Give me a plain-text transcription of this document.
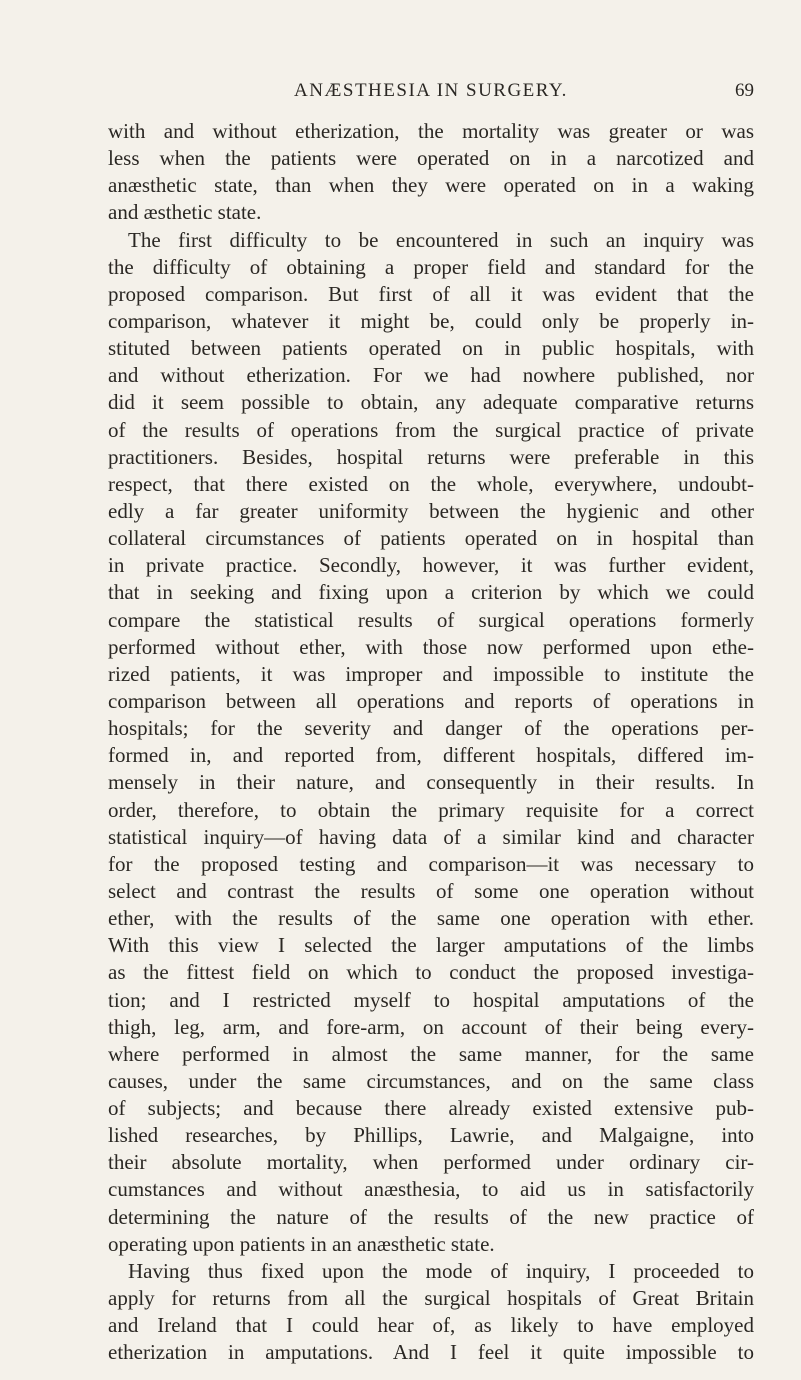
ANÆSTHESIA IN SURGERY.	69
with and without etherization, the mortality was greater or was
less when the patients were operated on in a narcotized and
anæsthetic state, than when they were operated on in a waking
and æsthetic state.
The first difficulty to be encountered in such an inquiry was
the difficulty of obtaining a proper field and standard for the
proposed comparison. But first of all it was evident that the
comparison, whatever it might be, could only be properly in-
stituted between patients operated on in public hospitals, with
and without etherization. For we had nowhere published, nor
did it seem possible to obtain, any adequate comparative returns
of the results of operations from the surgical practice of private
practitioners. Besides, hospital returns were preferable in this
respect, that there existed on the whole, everywhere, undoubt-
edly a far greater uniformity between the hygienic and other
collateral circumstances of patients operated on in hospital than
in private practice. Secondly, however, it was further evident,
that in seeking and fixing upon a criterion by which we could
compare the statistical results of surgical operations formerly
performed without ether, with those now performed upon ethe-
rized patients, it was improper and impossible to institute the
comparison between all operations and reports of operations in
hospitals; for the severity and danger of the operations per-
formed in, and reported from, different hospitals, differed im-
mensely in their nature, and consequently in their results. In
order, therefore, to obtain the primary requisite for a correct
statistical inquiry—of having data of a similar kind and character
for the proposed testing and comparison—it was necessary to
select and contrast the results of some one operation without
ether, with the results of the same one operation with ether.
With this view I selected the larger amputations of the limbs
as the fittest field on which to conduct the proposed investiga-
tion; and I restricted myself to hospital amputations of the
thigh, leg, arm, and fore-arm, on account of their being every-
where performed in almost the same manner, for the same
causes, under the same circumstances, and on the same class
of subjects; and because there already existed extensive pub-
lished researches, by Phillips, Lawrie, and Malgaigne, into
their absolute mortality, when performed under ordinary cir-
cumstances and without anæsthesia, to aid us in satisfactorily
determining the nature of the results of the new practice of
operating upon patients in an anæsthetic state.
Having thus fixed upon the mode of inquiry, I proceeded to
apply for returns from all the surgical hospitals of Great Britain
and Ireland that I could hear of, as likely to have employed
etherization in amputations. And I feel it quite impossible to
